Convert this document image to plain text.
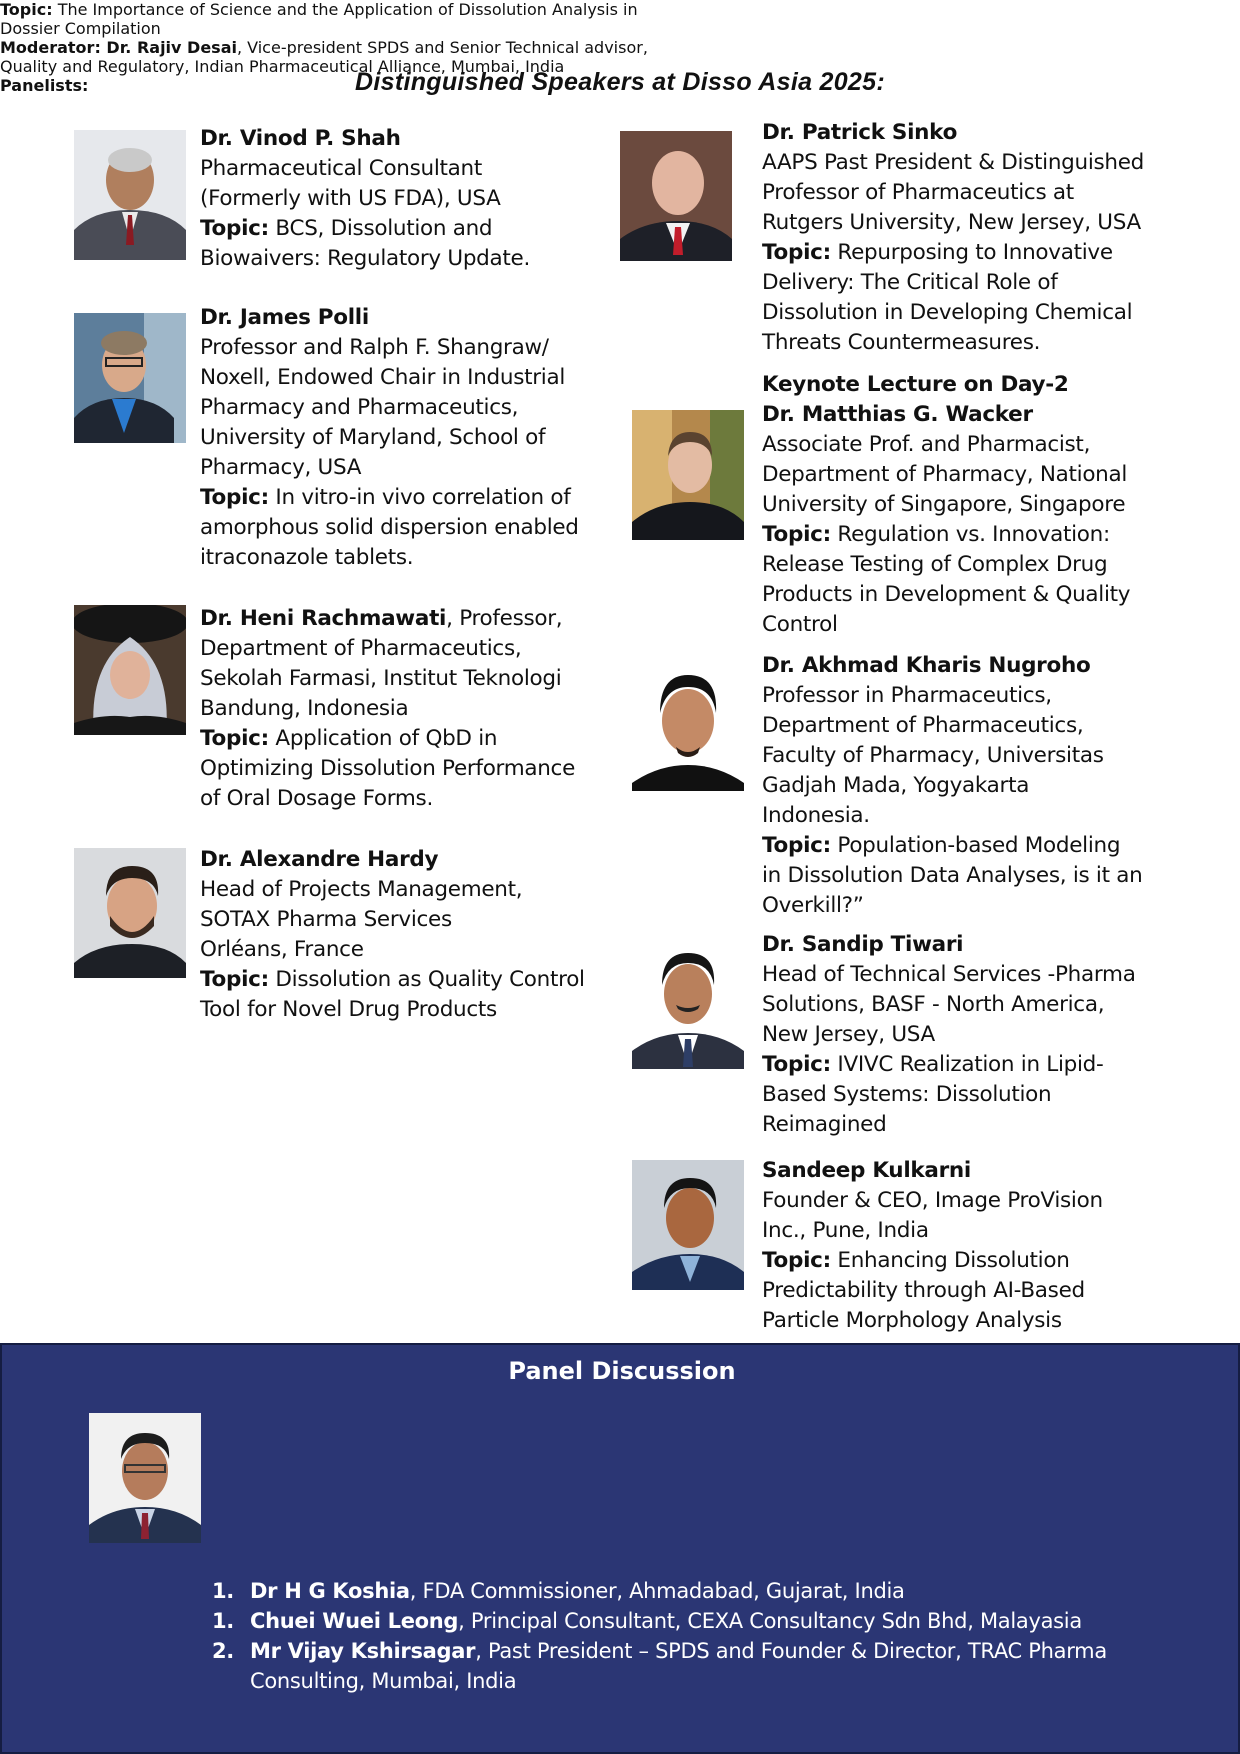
Distinguished Speakers at Disso Asia 2025:
Dr. Vinod P. Shah
Pharmaceutical Consultant
(Formerly with US FDA), USA
Topic: BCS, Dissolution and
Biowaivers: Regulatory Update.
Dr. James Polli
Professor and Ralph F. Shangraw/
Noxell, Endowed Chair in Industrial
Pharmacy and Pharmaceutics,
University of Maryland, School of
Pharmacy, USA
Topic: In vitro-in vivo correlation of
amorphous solid dispersion enabled
itraconazole tablets.
Dr. Heni Rachmawati, Professor,
Department of Pharmaceutics,
Sekolah Farmasi, Institut Teknologi
Bandung, Indonesia
Topic: Application of QbD in
Optimizing Dissolution Performance
of Oral Dosage Forms.
Dr. Alexandre Hardy
Head of Projects Management,
SOTAX Pharma Services
Orléans, France
Topic: Dissolution as Quality Control
Tool for Novel Drug Products
Dr. Patrick Sinko
AAPS Past President & Distinguished
Professor of Pharmaceutics at
Rutgers University, New Jersey, USA
Topic: Repurposing to Innovative
Delivery: The Critical Role of
Dissolution in Developing Chemical
Threats Countermeasures.
Keynote Lecture on Day-2
Dr. Matthias G. Wacker
Associate Prof. and Pharmacist,
Department of Pharmacy, National
University of Singapore, Singapore
Topic: Regulation vs. Innovation:
Release Testing of Complex Drug
Products in Development & Quality
Control
Dr. Akhmad Kharis Nugroho
Professor in Pharmaceutics,
Department of Pharmaceutics,
Faculty of Pharmacy, Universitas
Gadjah Mada, Yogyakarta
Indonesia.
Topic: Population-based Modeling
in Dissolution Data Analyses, is it an
Overkill?”
Dr. Sandip Tiwari
Head of Technical Services -Pharma
Solutions, BASF - North America,
New Jersey, USA
Topic: IVIVC Realization in Lipid-
Based Systems: Dissolution
Reimagined
Sandeep Kulkarni
Founder & CEO, Image ProVision
Inc., Pune, India
Topic: Enhancing Dissolution
Predictability through AI-Based
Particle Morphology Analysis
Panel Discussion
Topic: The Importance of Science and the Application of Dissolution Analysis in
Dossier Compilation
Moderator: Dr. Rajiv Desai, Vice-president SPDS and Senior Technical advisor,
Quality and Regulatory, Indian Pharmaceutical Alliance, Mumbai, India
Panelists:
1. Dr H G Koshia, FDA Commissioner, Ahmadabad, Gujarat, India
1. Chuei Wuei Leong, Principal Consultant, CEXA Consultancy Sdn Bhd, Malayasia
2. Mr Vijay Kshirsagar, Past President – SPDS and Founder & Director, TRAC Pharma
Consulting, Mumbai, India
